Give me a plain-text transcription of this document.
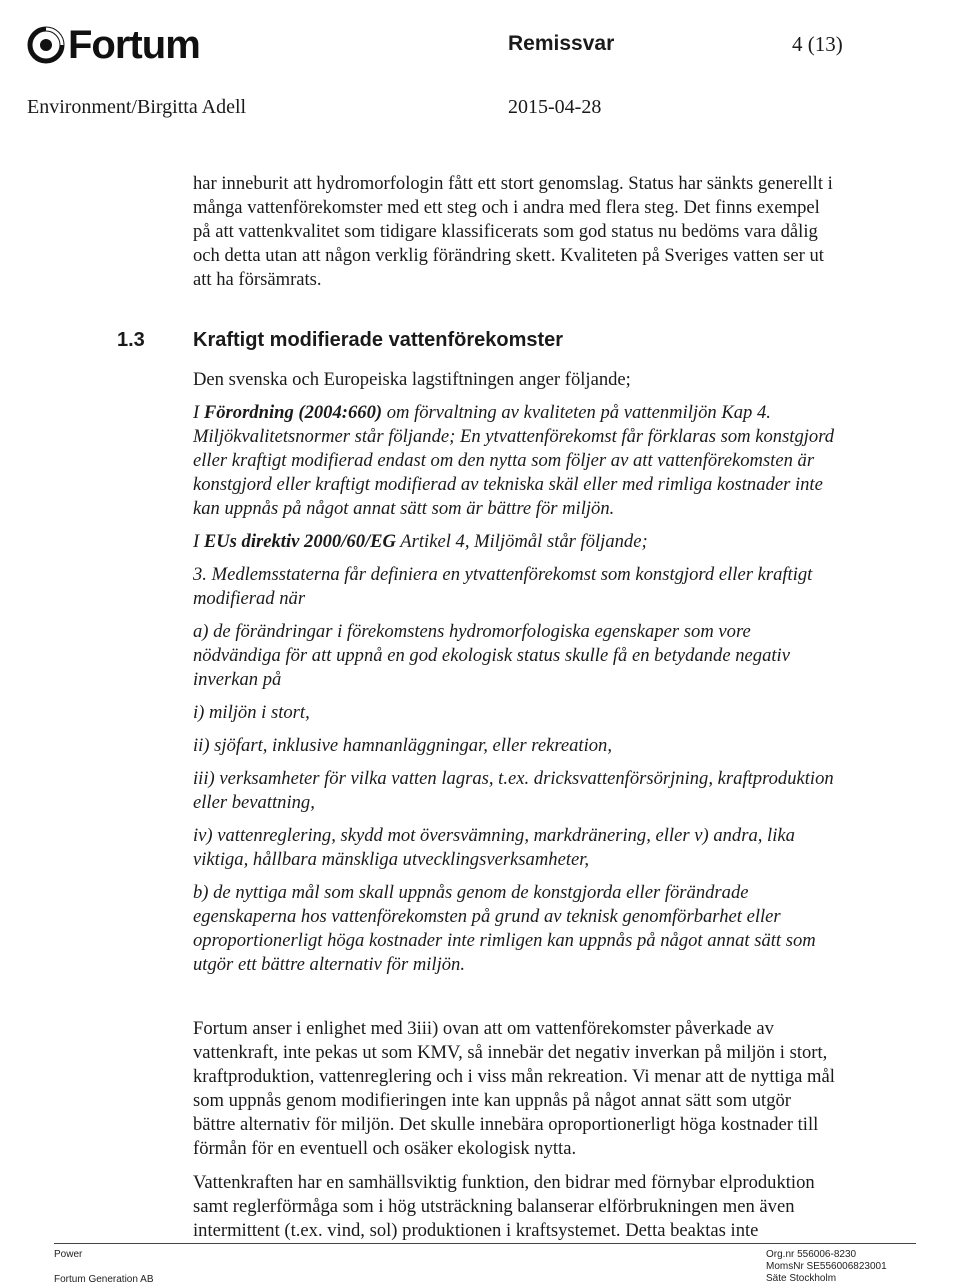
Fortum	Remissvar	4 (13)
Environment/Birgitta Adell	2015-04-28
har inneburit att hydromorfologin fått ett stort genomslag. Status har sänkts generellt i
många vattenförekomster med ett steg och i andra med flera steg. Det finns exempel
på att vattenkvalitet som tidigare klassificerats som god status nu bedöms vara dålig
och detta utan att någon verklig förändring skett. Kvaliteten på Sveriges vatten ser ut
att ha försämrats.
1.3 Kraftigt modifierade vattenförekomster
Den svenska och Europeiska lagstiftningen anger följande;
I Förordning (2004:660) om förvaltning av kvaliteten på vattenmiljön Kap 4.
Miljökvalitetsnormer står följande; En ytvattenförekomst får förklaras som konstgjord
eller kraftigt modifierad endast om den nytta som följer av att vattenförekomsten är
konstgjord eller kraftigt modifierad av tekniska skäl eller med rimliga kostnader inte
kan uppnås på något annat sätt som är bättre för miljön.
I EUs direktiv 2000/60/EG Artikel 4, Miljömål står följande;
3. Medlemsstaterna får definiera en ytvattenförekomst som konstgjord eller kraftigt
modifierad när
a) de förändringar i förekomstens hydromorfologiska egenskaper som vore
nödvändiga för att uppnå en god ekologisk status skulle få en betydande negativ
inverkan på
i) miljön i stort,
ii) sjöfart, inklusive hamnanläggningar, eller rekreation,
iii) verksamheter för vilka vatten lagras, t.ex. dricksvattenförsörjning, kraftproduktion
eller bevattning,
iv) vattenreglering, skydd mot översvämning, markdränering, eller v) andra, lika
viktiga, hållbara mänskliga utvecklingsverksamheter,
b) de nyttiga mål som skall uppnås genom de konstgjorda eller förändrade
egenskaperna hos vattenförekomsten på grund av teknisk genomförbarhet eller
oproportionerligt höga kostnader inte rimligen kan uppnås på något annat sätt som
utgör ett bättre alternativ för miljön.
Fortum anser i enlighet med 3iii) ovan att om vattenförekomster påverkade av
vattenkraft, inte pekas ut som KMV, så innebär det negativ inverkan på miljön i stort,
kraftproduktion, vattenreglering och i viss mån rekreation. Vi menar att de nyttiga mål
som uppnås genom modifieringen inte kan uppnås på något annat sätt som utgör
bättre alternativ för miljön. Det skulle innebära oproportionerligt höga kostnader till
förmån för en eventuell och osäker ekologisk nytta.
Vattenkraften har en samhällsviktig funktion, den bidrar med förnybar elproduktion
samt reglerförmåga som i hög utsträckning balanserar elförbrukningen men även
intermittent (t.ex. vind, sol) produktionen i kraftsystemet. Detta beaktas inte
Power
Fortum Generation AB
Org.nr 556006-8230
MomsNr SE556006823001
Säte Stockholm
